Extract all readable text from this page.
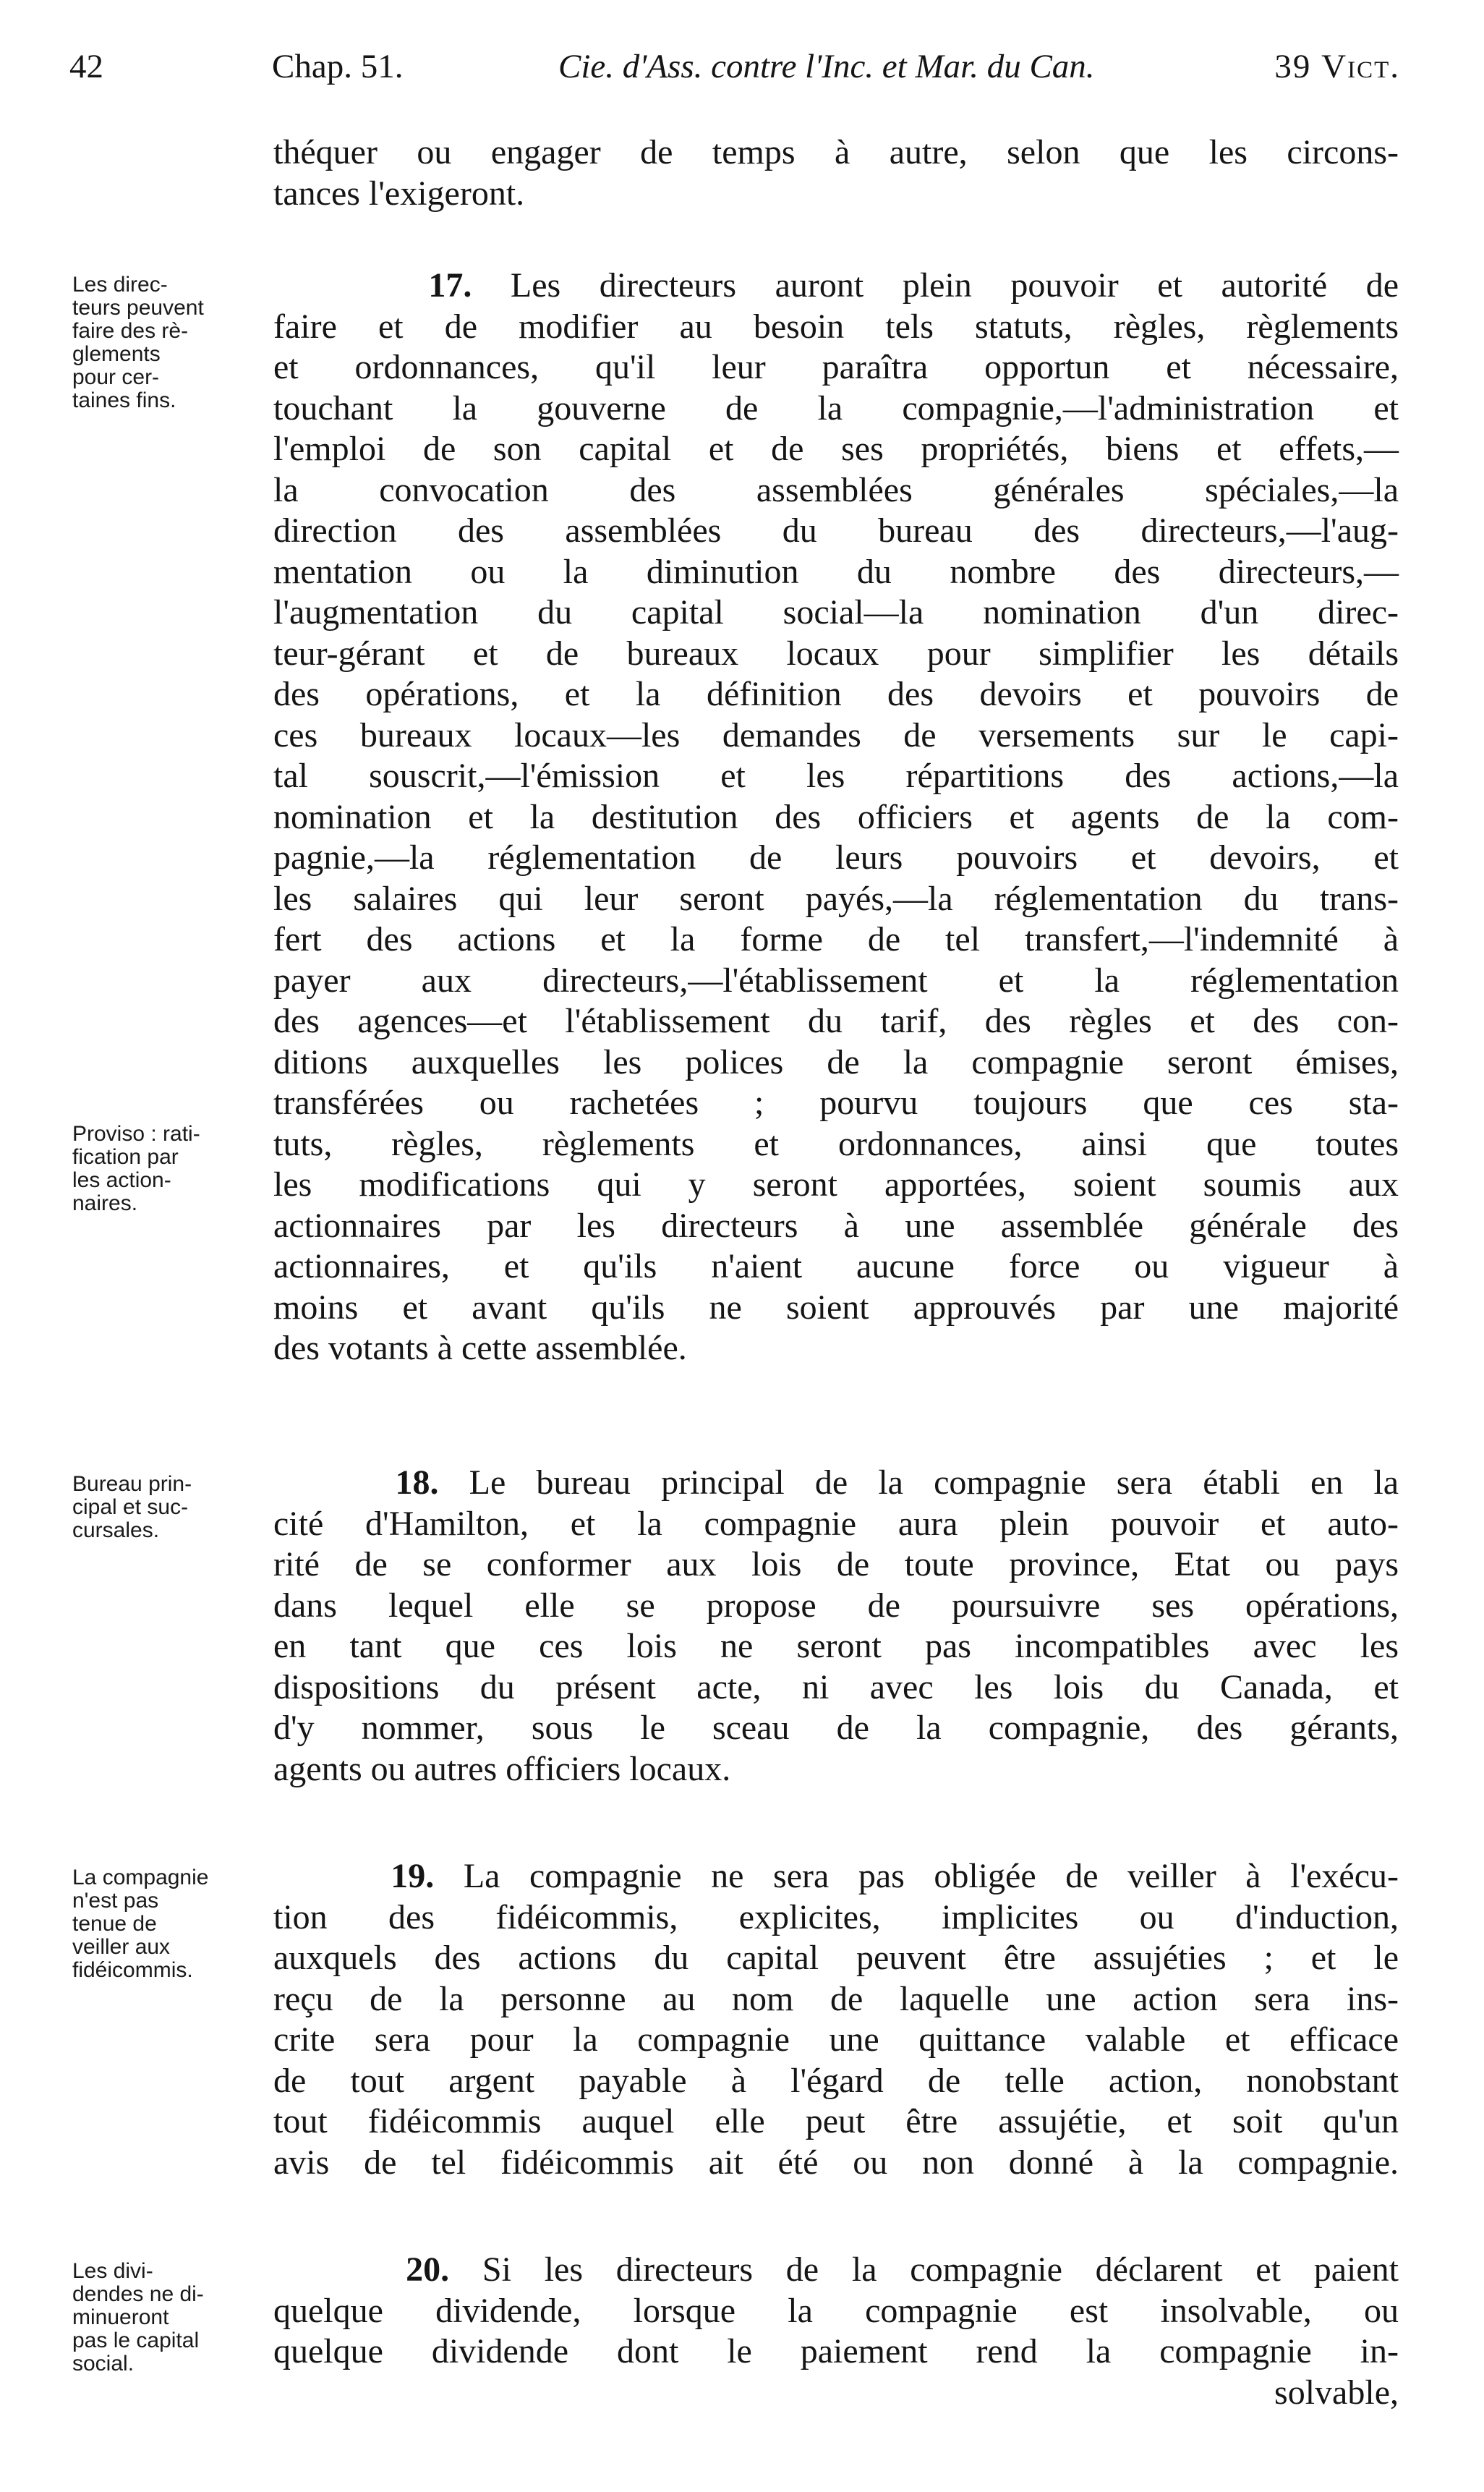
42	Chap. 51.	Cie. d'Ass. contre l'Inc. et Mar. du Can.	39 Vict.
théquer ou engager de temps à autre, selon que les circons-
tances l'exigeront.
17. Les directeurs auront plein pouvoir et autorité de
faire et de modifier au besoin tels statuts, règles, règlements
et ordonnances, qu'il leur paraîtra opportun et nécessaire,
touchant la gouverne de la compagnie,—l'administration et
l'emploi de son capital et de ses propriétés, biens et effets,—
la convocation des assemblées générales spéciales,—la
direction des assemblées du bureau des directeurs,—l'aug-
mentation ou la diminution du nombre des directeurs,—
l'augmentation du capital social—la nomination d'un direc-
teur-gérant et de bureaux locaux pour simplifier les détails
des opérations, et la définition des devoirs et pouvoirs de
ces bureaux locaux—les demandes de versements sur le capi-
tal souscrit,—l'émission et les répartitions des actions,—la
nomination et la destitution des officiers et agents de la com-
pagnie,—la réglementation de leurs pouvoirs et devoirs, et
les salaires qui leur seront payés,—la réglementation du trans-
fert des actions et la forme de tel transfert,—l'indemnité à
payer aux directeurs,—l'établissement et la réglementation
des agences—et l'établissement du tarif, des règles et des con-
ditions auxquelles les polices de la compagnie seront émises,
transférées ou rachetées ; pourvu toujours que ces sta-
tuts, règles, règlements et ordonnances, ainsi que toutes
les modifications qui y seront apportées, soient soumis aux
actionnaires par les directeurs à une assemblée générale des
actionnaires, et qu'ils n'aient aucune force ou vigueur à
moins et avant qu'ils ne soient approuvés par une majorité
des votants à cette assemblée.
18. Le bureau principal de la compagnie sera établi en la
cité d'Hamilton, et la compagnie aura plein pouvoir et auto-
rité de se conformer aux lois de toute province, Etat ou pays
dans lequel elle se propose de poursuivre ses opérations,
en tant que ces lois ne seront pas incompatibles avec les
dispositions du présent acte, ni avec les lois du Canada, et
d'y nommer, sous le sceau de la compagnie, des gérants,
agents ou autres officiers locaux.
19. La compagnie ne sera pas obligée de veiller à l'exécu-
tion des fidéicommis, explicites, implicites ou d'induction,
auxquels des actions du capital peuvent être assujéties ; et le
reçu de la personne au nom de laquelle une action sera ins-
crite sera pour la compagnie une quittance valable et efficace
de tout argent payable à l'égard de telle action, nonobstant
tout fidéicommis auquel elle peut être assujétie, et soit qu'un
avis de tel fidéicommis ait été ou non donné à la compagnie.
20. Si les directeurs de la compagnie déclarent et paient
quelque dividende, lorsque la compagnie est insolvable, ou
quelque dividende dont le paiement rend la compagnie in-
solvable,
Les direc-
teurs peuvent
faire des rè-
glements
pour cer-
taines fins.
Proviso : rati-
fication par
les action-
naires.
Bureau prin-
cipal et suc-
cursales.
La compagnie
n'est pas
tenue de
veiller aux
fidéicommis.
Les divi-
dendes ne di-
minueront
pas le capital
social.
